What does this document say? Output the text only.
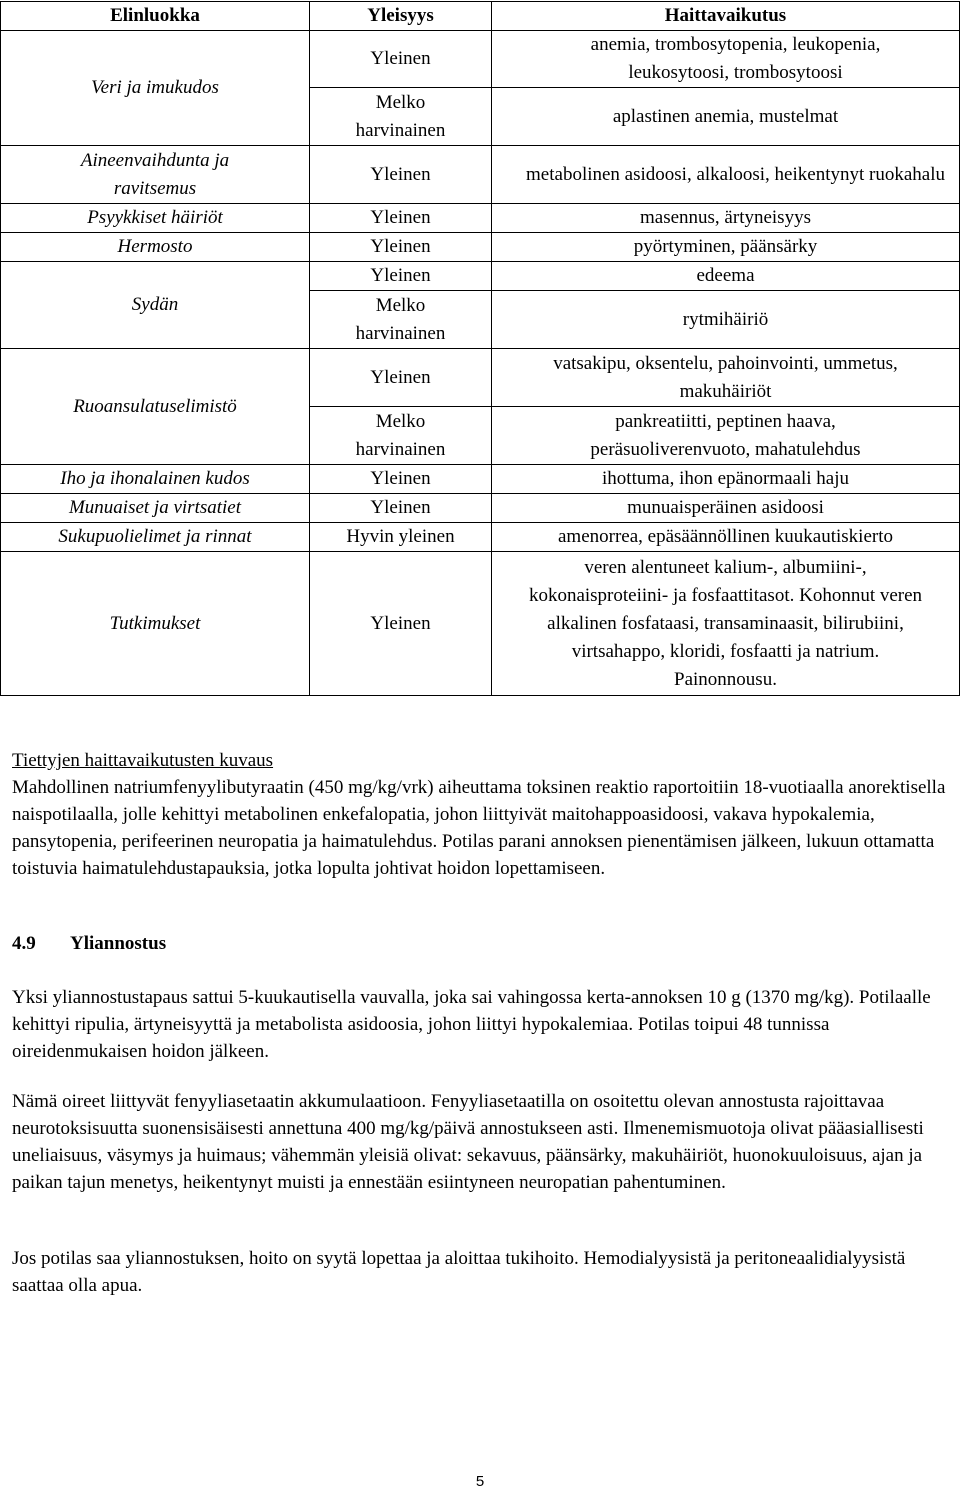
Elinluokka	Yleisyys	Haittavaikutus
Veri ja imukudos	Yleinen	anemia, trombosytopenia, leukopenia, leukosytoosi, trombosytoosi
	Melko harvinainen	aplastinen anemia, mustelmat
Aineenvaihdunta ja ravitsemus	Yleinen	metabolinen asidoosi, alkaloosi, heikentynyt ruokahalu
Psyykkiset häiriöt	Yleinen	masennus, ärtyneisyys
Hermosto	Yleinen	pyörtyminen, päänsärky
Sydän	Yleinen	edeema
	Melko harvinainen	rytmihäiriö
Ruoansulatuselimistö	Yleinen	vatsakipu, oksentelu, pahoinvointi, ummetus, makuhäiriöt
	Melko harvinainen	pankreatiitti, peptinen haava, peräsuoliverenvuoto, mahatulehdus
Iho ja ihonalainen kudos	Yleinen	ihottuma, ihon epänormaali haju
Munuaiset ja virtsatiet	Yleinen	munuaisperäinen asidoosi
Sukupuolielimet ja rinnat	Hyvin yleinen	amenorrea, epäsäännöllinen kuukautiskierto
Tutkimukset	Yleinen	veren alentuneet kalium-, albumiini-, kokonaisproteiini- ja fosfaattitasot. Kohonnut veren alkalinen fosfataasi, transaminaasit, bilirubiini, virtsahappo, kloridi, fosfaatti ja natrium. Painonnousu.

Tiettyjen haittavaikutusten kuvaus

Mahdollinen natriumfenyylibutyraatin (450 mg/kg/vrk) aiheuttama toksinen reaktio raportoitiin 18-vuotiaalla anorektisella naispotilaalla, jolle kehittyi metabolinen enkefalopatia, johon liittyivät maitohappoasidoosi, vakava hypokalemia, pansytopenia, perifeerinen neuropatia ja haimatulehdus. Potilas parani annoksen pienentämisen jälkeen, lukuun ottamatta toistuvia haimatulehdustapauksia, jotka lopulta johtivat hoidon lopettamiseen.

4.9 Yliannostus

Yksi yliannostustapaus sattui 5-kuukautisella vauvalla, joka sai vahingossa kerta-annoksen 10 g (1370 mg/kg). Potilaalle kehittyi ripulia, ärtyneisyyttä ja metabolista asidoosia, johon liittyi hypokalemiaa. Potilas toipui 48 tunnissa oireidenmukaisen hoidon jälkeen.

Nämä oireet liittyvät fenyyliasetaatin akkumulaatioon. Fenyyliasetaatilla on osoitettu olevan annostusta rajoittavaa neurotoksisuutta suonensisäisesti annettuna 400 mg/kg/päivä annostukseen asti. Ilmenemismuotoja olivat pääasiallisesti uneliaisuus, väsymys ja huimaus; vähemmän yleisiä olivat: sekavuus, päänsärky, makuhäiriöt, huonokuuloisuus, ajan ja paikan tajun menetys, heikentynyt muisti ja ennestään esiintyneen neuropatian pahentuminen.

Jos potilas saa yliannostuksen, hoito on syytä lopettaa ja aloittaa tukihoito. Hemodialyysistä ja peritoneaalidialyysistä saattaa olla apua.

5
